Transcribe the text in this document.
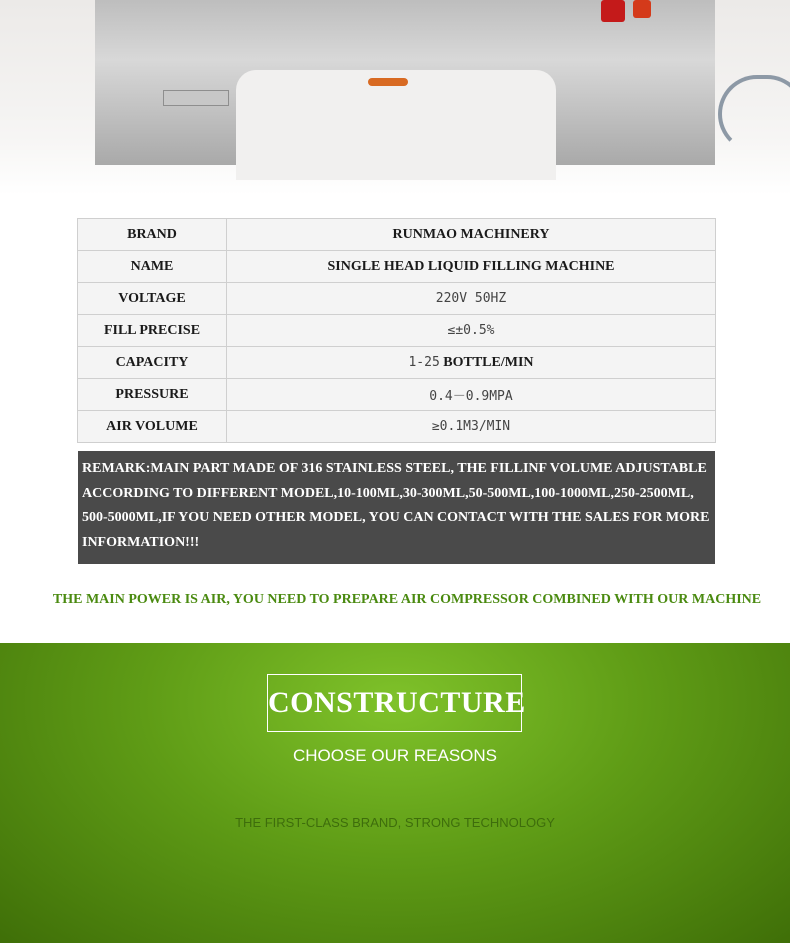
BRAND	RUNMAO MACHINERY
NAME	SINGLE HEAD LIQUID FILLING MACHINE
VOLTAGE	220V 50HZ
FILL PRECISE	≤±0.5%
CAPACITY	1-25 BOTTLE/MIN
PRESSURE	0.4－0.9MPA
AIR VOLUME	≥0.1M3/MIN
REMARK:MAIN PART MADE OF 316 STAINLESS STEEL, THE FILLINF VOLUME ADJUSTABLE ACCORDING TO DIFFERENT MODEL,10-100ML,30-300ML,50-500ML,100-1000ML,250-2500ML, 500-5000ML,IF YOU NEED OTHER MODEL, YOU CAN CONTACT WITH THE SALES FOR MORE INFORMATION!!!
THE MAIN POWER IS AIR, YOU NEED TO PREPARE AIR COMPRESSOR COMBINED WITH OUR MACHINE
CONSTRUCTURE
CHOOSE OUR REASONS
THE FIRST-CLASS BRAND, STRONG TECHNOLOGY
